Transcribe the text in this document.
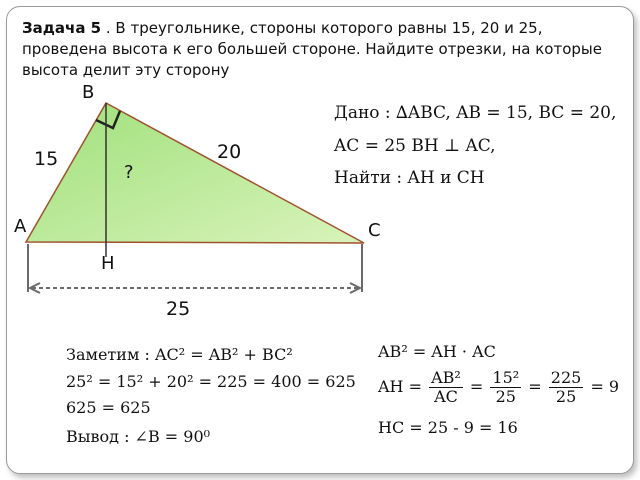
Задача 5 . В треугольнике, стороны которого равны 15, 20 и 25, проведена высота к его большей стороне. Найдите отрезки, на которые высота делит эту сторону
B
A	C
H
15	20
25
?
Дано : ∆ABC, AB = 15, BC = 20,
AC = 25 BH ⊥ AC,
Найти : AH и CH
Заметим : AC² = AB² + BC²
25² = 15² + 20² = 225 = 400 = 625
625 = 625
Вывод : ∠B = 90⁰
AB² = AH · AC
AH = $\frac{\text{AB²}}{AC} = \frac{\text{15²}}{25} = \frac{225}{25} = 9$
HC = 25 - 9 = 16
